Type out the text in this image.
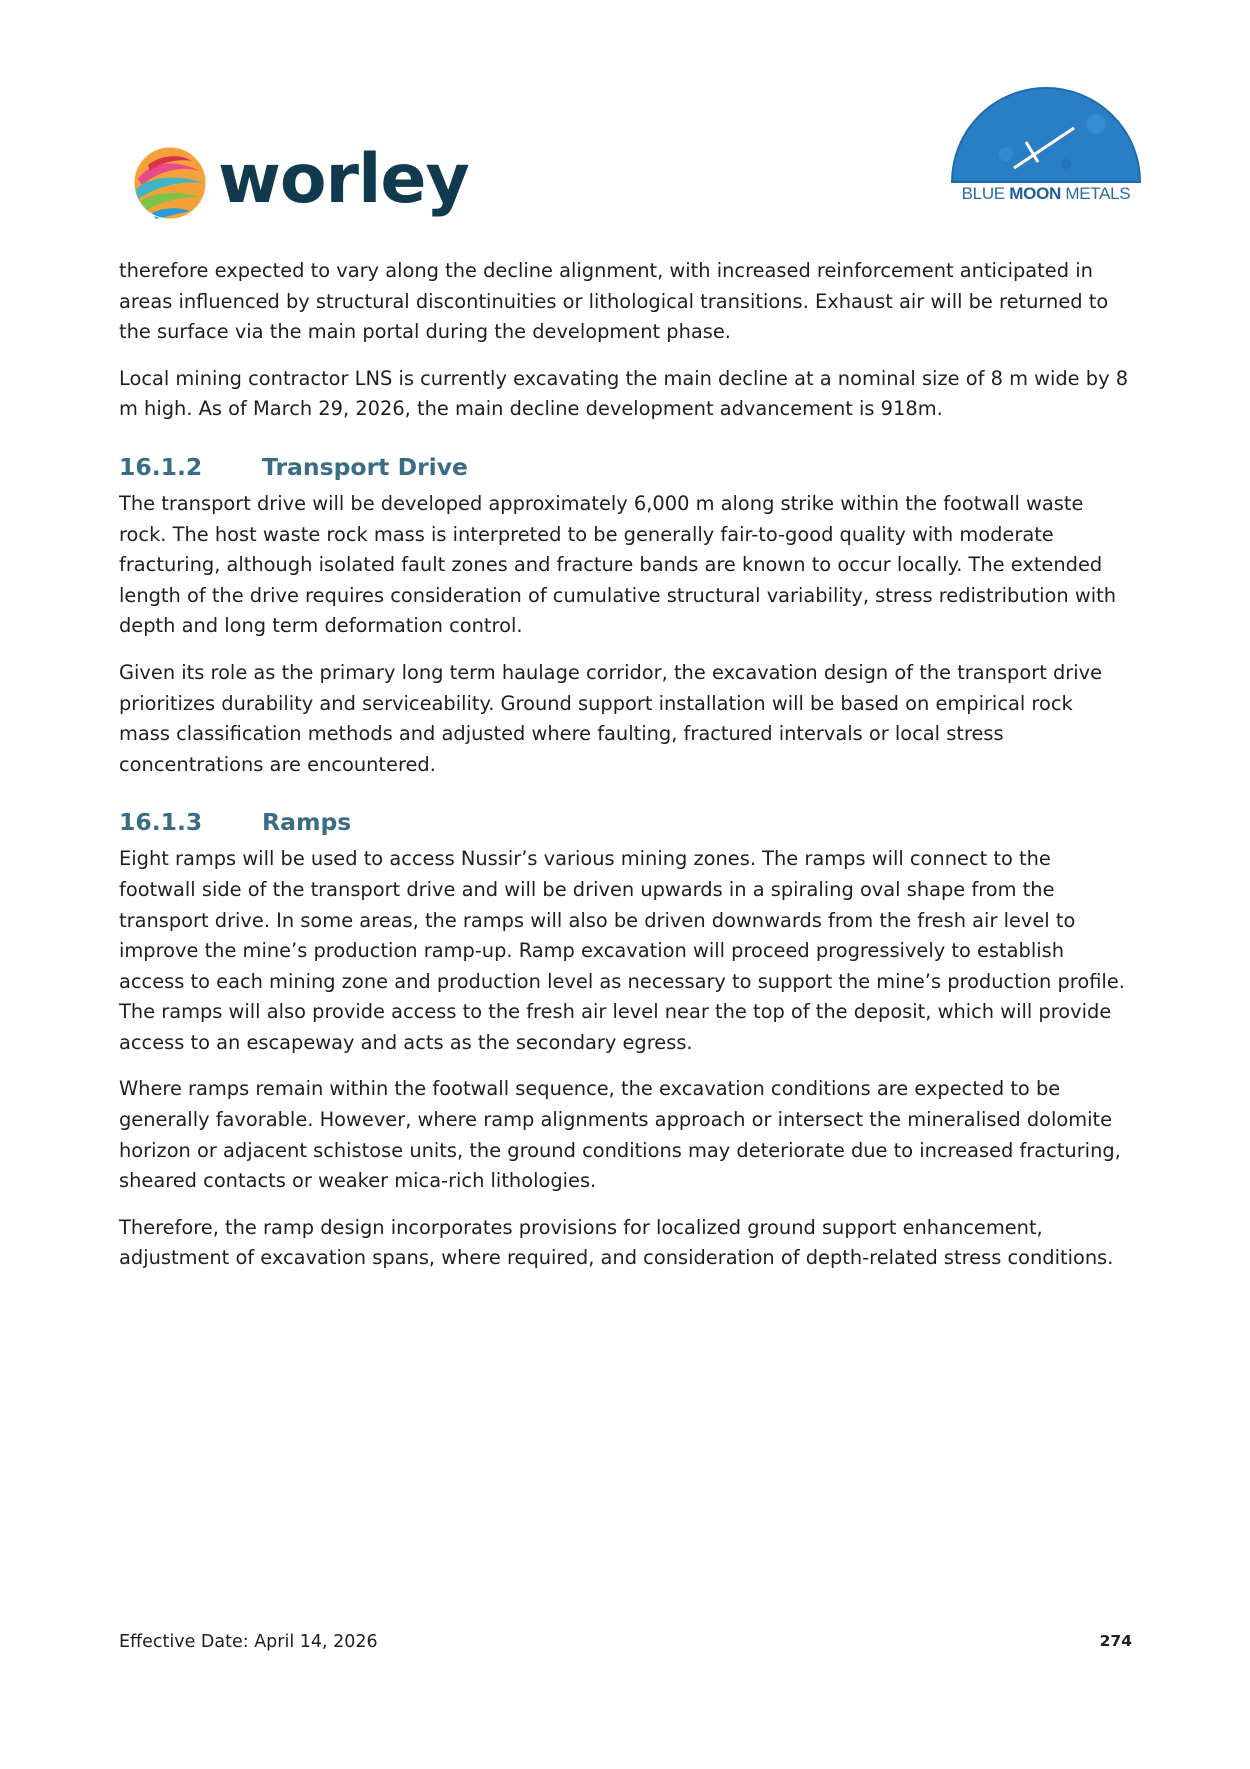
worley	BLUE MOON METALS

therefore expected to vary along the decline alignment, with increased reinforcement anticipated in areas influenced by structural discontinuities or lithological transitions. Exhaust air will be returned to the surface via the main portal during the development phase.

Local mining contractor LNS is currently excavating the main decline at a nominal size of 8 m wide by 8 m high. As of March 29, 2026, the main decline development advancement is 918m.

16.1.2	Transport Drive

The transport drive will be developed approximately 6,000 m along strike within the footwall waste rock. The host waste rock mass is interpreted to be generally fair-to-good quality with moderate fracturing, although isolated fault zones and fracture bands are known to occur locally. The extended length of the drive requires consideration of cumulative structural variability, stress redistribution with depth and long term deformation control.

Given its role as the primary long term haulage corridor, the excavation design of the transport drive prioritizes durability and serviceability. Ground support installation will be based on empirical rock mass classification methods and adjusted where faulting, fractured intervals or local stress concentrations are encountered.

16.1.3	Ramps

Eight ramps will be used to access Nussir’s various mining zones. The ramps will connect to the footwall side of the transport drive and will be driven upwards in a spiraling oval shape from the transport drive. In some areas, the ramps will also be driven downwards from the fresh air level to improve the mine’s production ramp-up. Ramp excavation will proceed progressively to establish access to each mining zone and production level as necessary to support the mine’s production profile. The ramps will also provide access to the fresh air level near the top of the deposit, which will provide access to an escapeway and acts as the secondary egress.

Where ramps remain within the footwall sequence, the excavation conditions are expected to be generally favorable. However, where ramp alignments approach or intersect the mineralised dolomite horizon or adjacent schistose units, the ground conditions may deteriorate due to increased fracturing, sheared contacts or weaker mica-rich lithologies.

Therefore, the ramp design incorporates provisions for localized ground support enhancement, adjustment of excavation spans, where required, and consideration of depth-related stress conditions.

Effective Date: April 14, 2026	274
